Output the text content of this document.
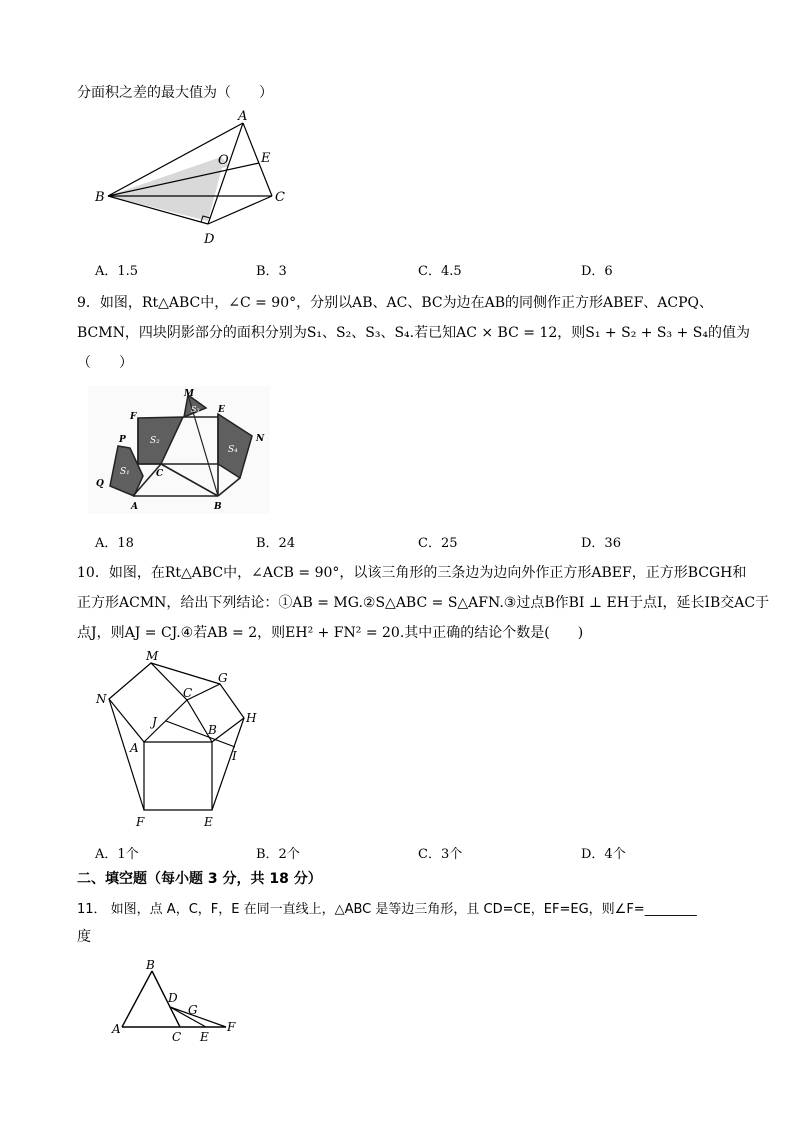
分面积之差的最大值为（　　）
A
O E
B	C
D
A．1.5	B．3	C．4.5	D．6
9．如图，Rt△ABC中，∠C = 90°，分别以AB、AC、BC为边在AB的同侧作正方形ABEF、ACPQ、
BCMN，四块阴影部分的面积分别为S₁、S₂、S₃、S₄.若已知AC × BC = 12，则S₁ + S₂ + S₃ + S₄的值为
（　　）
M
E
F
S₃
S₂	N
P
S₄
S₁	C
Q
A	B
A．18	B．24	C．25	D．36
10．如图，在Rt△ABC中，∠ACB = 90°，以该三角形的三条边为边向外作正方形ABEF，正方形BCGH和
正方形ACMN，给出下列结论：①AB = MG.②S△ABC = S△AFN.③过点B作BI ⊥ EH于点I，延长IB交AC于
点J，则AJ = CJ.④若AB = 2，则EH² + FN² = 20.其中正确的结论个数是(　　)
M
G
C
N
J
B
H
A
I
F	E
A．1个	B．2个	C．3个	D．4个
二、填空题（每小题 3 分，共 18 分）
11． 如图，点 A，C，F，E 在同一直线上，△ABC 是等边三角形，且 CD=CE，EF=EG，则∠F=________
度
B
D
G
A
C E
F
